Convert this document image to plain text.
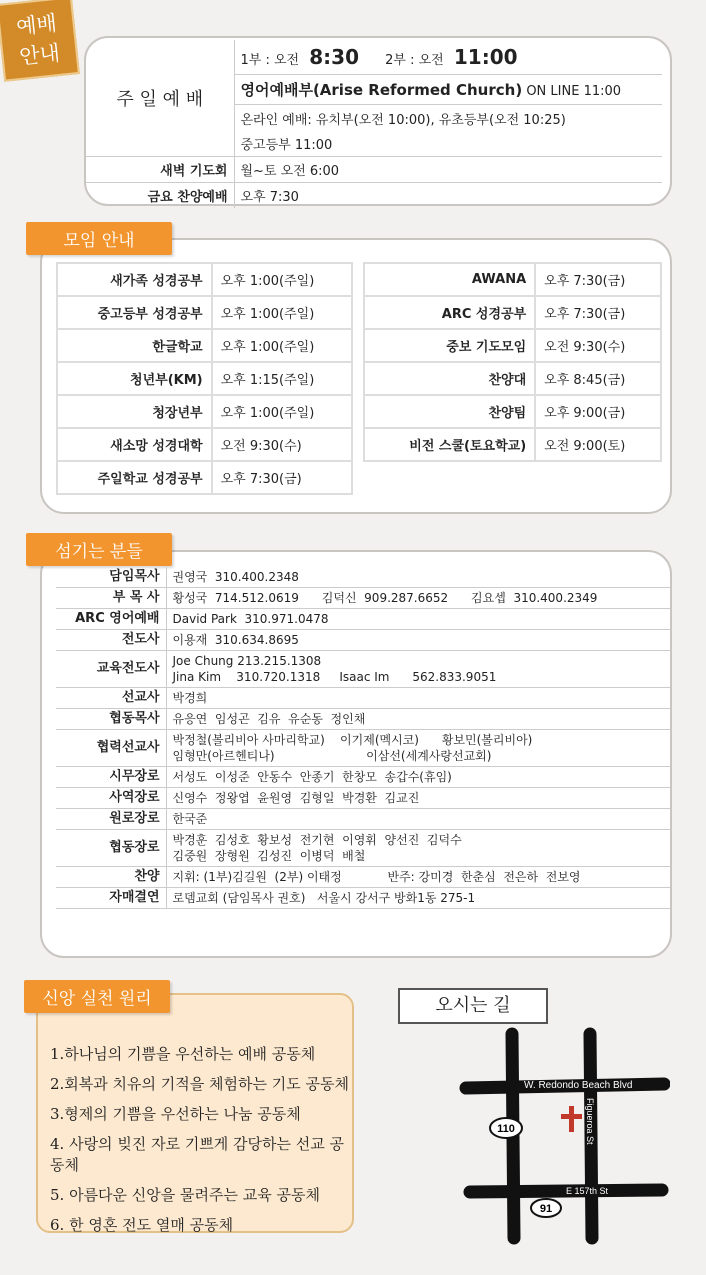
예배
안내
주 일 예 배	1부 : 오전 8:30 2부 : 오전 11:00
	영어예배부(Arise Reformed Church) ON LINE 11:00
	온라인 예배: 유치부(오전 10:00), 유초등부(오전 10:25)
	중고등부 11:00
새벽 기도회	월~토 오전 6:00
금요 찬양예배	오후 7:30
모임 안내
새가족 성경공부	오후 1:00(주일)
중고등부 성경공부	오후 1:00(주일)
한글학교	오후 1:00(주일)
청년부(KM)	오후 1:15(주일)
청장년부	오후 1:00(주일)
새소망 성경대학	오전 9:30(수)
주일학교 성경공부	오후 7:30(금)
AWANA	오후 7:30(금)
ARC 성경공부	오후 7:30(금)
중보 기도모임	오전 9:30(수)
찬양대	오후 8:45(금)
찬양팀	오후 9:00(금)
비전 스쿨(토요학교)	오전 9:00(토)
섬기는 분들
담임목사	권영국  310.400.2348

부 목 사	황성국  714.512.0619      김덕신  909.287.6652      김요셉  310.400.2349

ARC 영어예배	David Park  310.971.0478

전도사	이용재  310.634.8695

교육전도사	Joe Chung 213.215.1308
Jina Kim    310.720.1318     Isaac Im      562.833.9051

선교사	박경희

협동목사	유응연  임성곤  김유  유순동  정인채

협력선교사	박정철(볼리비아 사마리학교)    이기제(멕시코)      황보민(볼리비아)
임형만(아르헨티나)                        이삼선(세계사랑선교회)

시무장로	서성도  이성준  안동수  안종기  한창모  송갑수(휴임)

사역장로	신영수  정왕엽  윤원영  김형일  박경환  김교진

원로장로	한국준

협동장로	박경훈  김성호  황보성  전기현  이영휘  양선진  김덕수
김중원  장형원  김성진  이병덕  배철

찬양	지휘: (1부)김길원  (2부) 이태정            반주: 강미경  한춘심  전은하  전보영

자매결연	로뎀교회 (담임목사 권호)   서울시 강서구 방화1동 275-1
1.하나님의 기쁨을 우선하는 예배 공동체
2.회복과 치유의 기적을 체험하는 기도 공동체
3.형제의 기쁨을 우선하는 나눔 공동체
4. 사랑의 빚진 자로 기쁘게 감당하는 선교 공동체
5. 아름다운 신앙을 물려주는 교육 공동체
6. 한 영혼 전도 열매 공동체
신앙 실천 원리	오시는 길
W. Redondo Beach Blvd
E 157th St
Figueroa St
110
91
